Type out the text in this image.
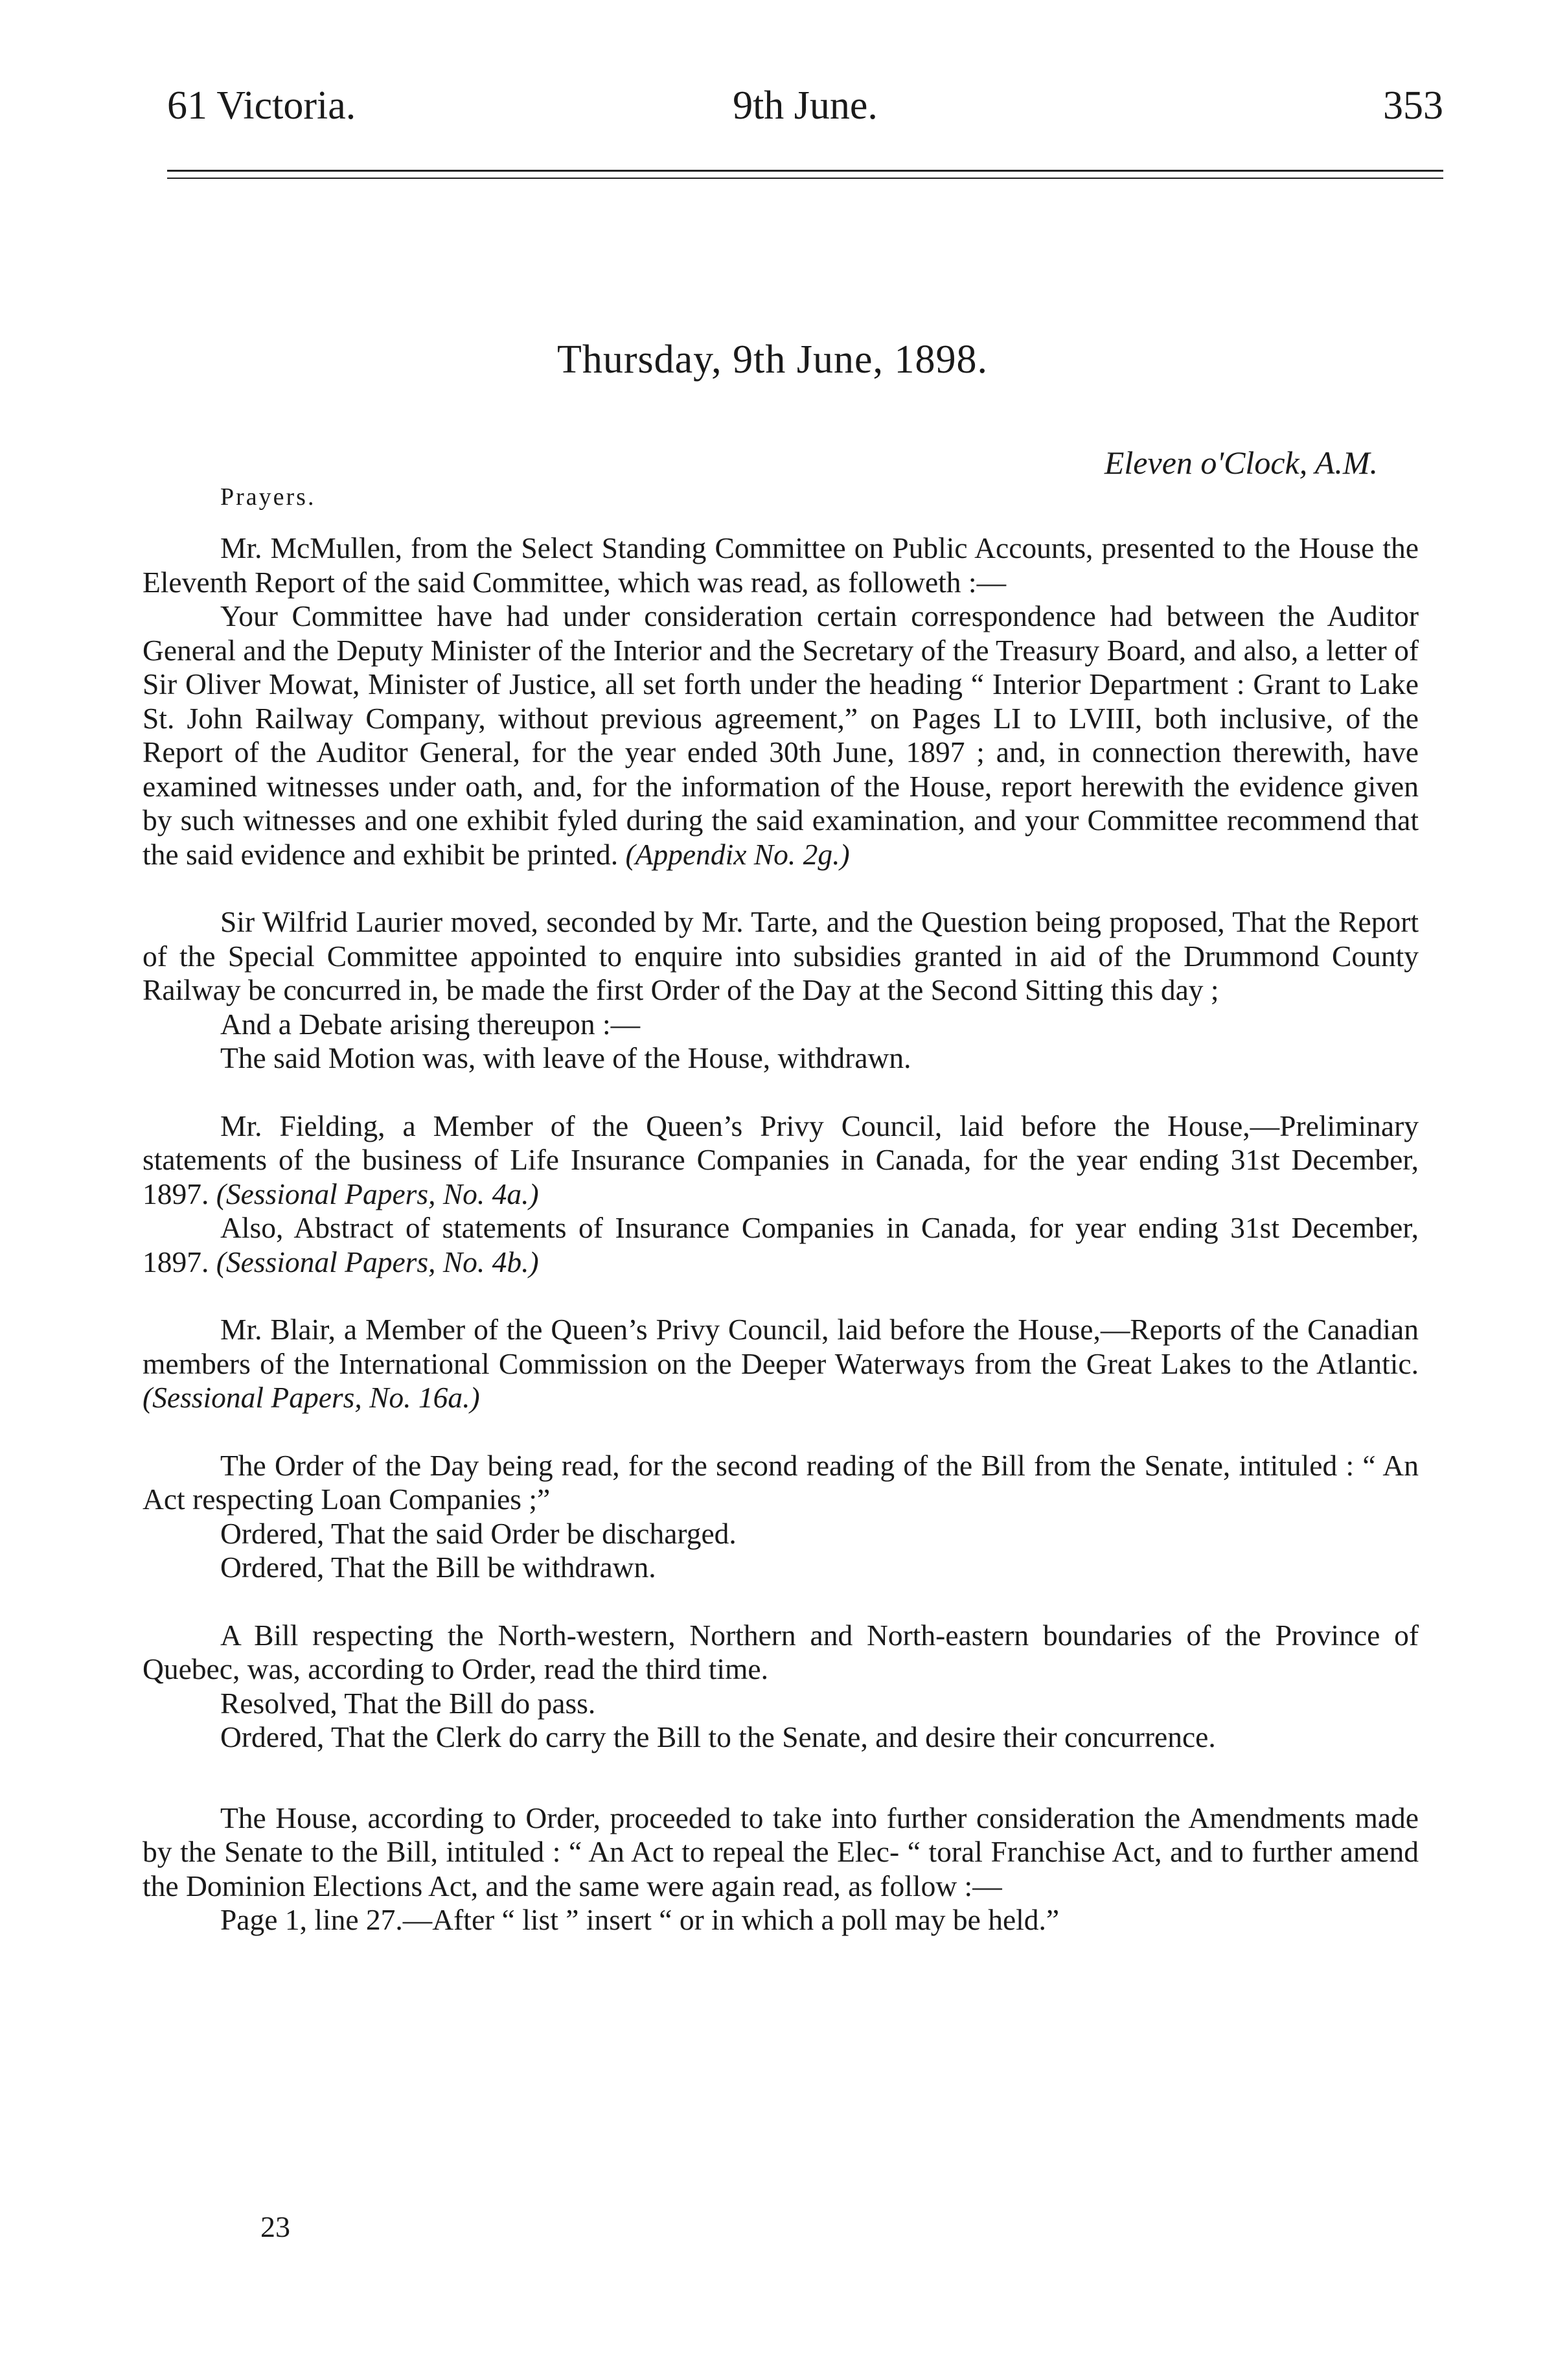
61 Victoria.	9th June.	353
Thursday, 9th June, 1898.
Eleven o'Clock, A.M.
Prayers.

Mr. McMullen, from the Select Standing Committee on Public Accounts, presented to the House the Eleventh Report of the said Committee, which was read, as followeth :—

Your Committee have had under consideration certain correspondence had between the Auditor General and the Deputy Minister of the Interior and the Secretary of the Treasury Board, and also, a letter of Sir Oliver Mowat, Minister of Justice, all set forth under the heading “ Interior Department : Grant to Lake St. John Railway Company, without previous agreement,” on Pages LI to LVIII, both inclusive, of the Report of the Auditor General, for the year ended 30th June, 1897 ; and, in connection therewith, have examined witnesses under oath, and, for the information of the House, report herewith the evidence given by such witnesses and one exhibit fyled during the said examination, and your Committee recommend that the said evidence and exhibit be printed. (Appendix No. 2g.)

Sir Wilfrid Laurier moved, seconded by Mr. Tarte, and the Question being proposed, That the Report of the Special Committee appointed to enquire into subsidies granted in aid of the Drummond County Railway be concurred in, be made the first Order of the Day at the Second Sitting this day ;

And a Debate arising thereupon :—

The said Motion was, with leave of the House, withdrawn.

Mr. Fielding, a Member of the Queen’s Privy Council, laid before the House,—Preliminary statements of the business of Life Insurance Companies in Canada, for the year ending 31st December, 1897. (Sessional Papers, No. 4a.)

Also, Abstract of statements of Insurance Companies in Canada, for year ending 31st December, 1897. (Sessional Papers, No. 4b.)

Mr. Blair, a Member of the Queen’s Privy Council, laid before the House,—Reports of the Canadian members of the International Commission on the Deeper Waterways from the Great Lakes to the Atlantic. (Sessional Papers, No. 16a.)

The Order of the Day being read, for the second reading of the Bill from the Senate, intituled : “ An Act respecting Loan Companies ;”

Ordered, That the said Order be discharged.

Ordered, That the Bill be withdrawn.

A Bill respecting the North-western, Northern and North-eastern boundaries of the Province of Quebec, was, according to Order, read the third time.

Resolved, That the Bill do pass.

Ordered, That the Clerk do carry the Bill to the Senate, and desire their concurrence.

The House, according to Order, proceeded to take into further consideration the Amendments made by the Senate to the Bill, intituled : “ An Act to repeal the Elec- “ toral Franchise Act, and to further amend the Dominion Elections Act, and the same were again read, as follow :—

Page 1, line 27.—After “ list ” insert “ or in which a poll may be held.”

23
